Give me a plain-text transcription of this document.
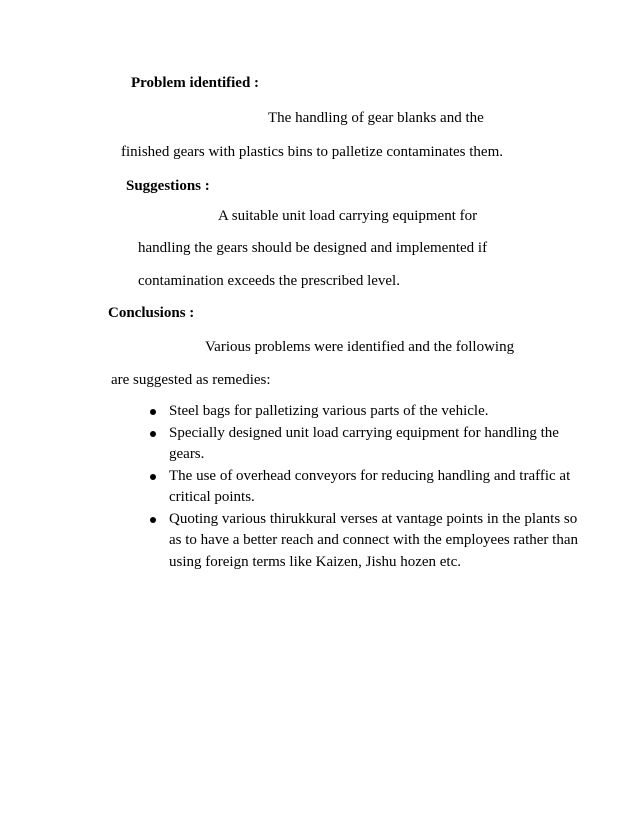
Problem identified :
The handling of gear blanks and the
finished gears with plastics bins to palletize contaminates them.
Suggestions :
A suitable unit load carrying equipment for
handling the gears should be designed and implemented if
contamination exceeds the prescribed level.
Conclusions :
Various problems were identified and the following
are suggested as remedies:
Steel bags for palletizing various parts of the vehicle.
Specially designed unit load carrying equipment for handling the gears.
The use of overhead conveyors for reducing handling and traffic at critical points.
Quoting various thirukkural verses at vantage points in the plants so as to have a better reach and connect with the employees rather than using foreign terms like Kaizen, Jishu hozen etc.
